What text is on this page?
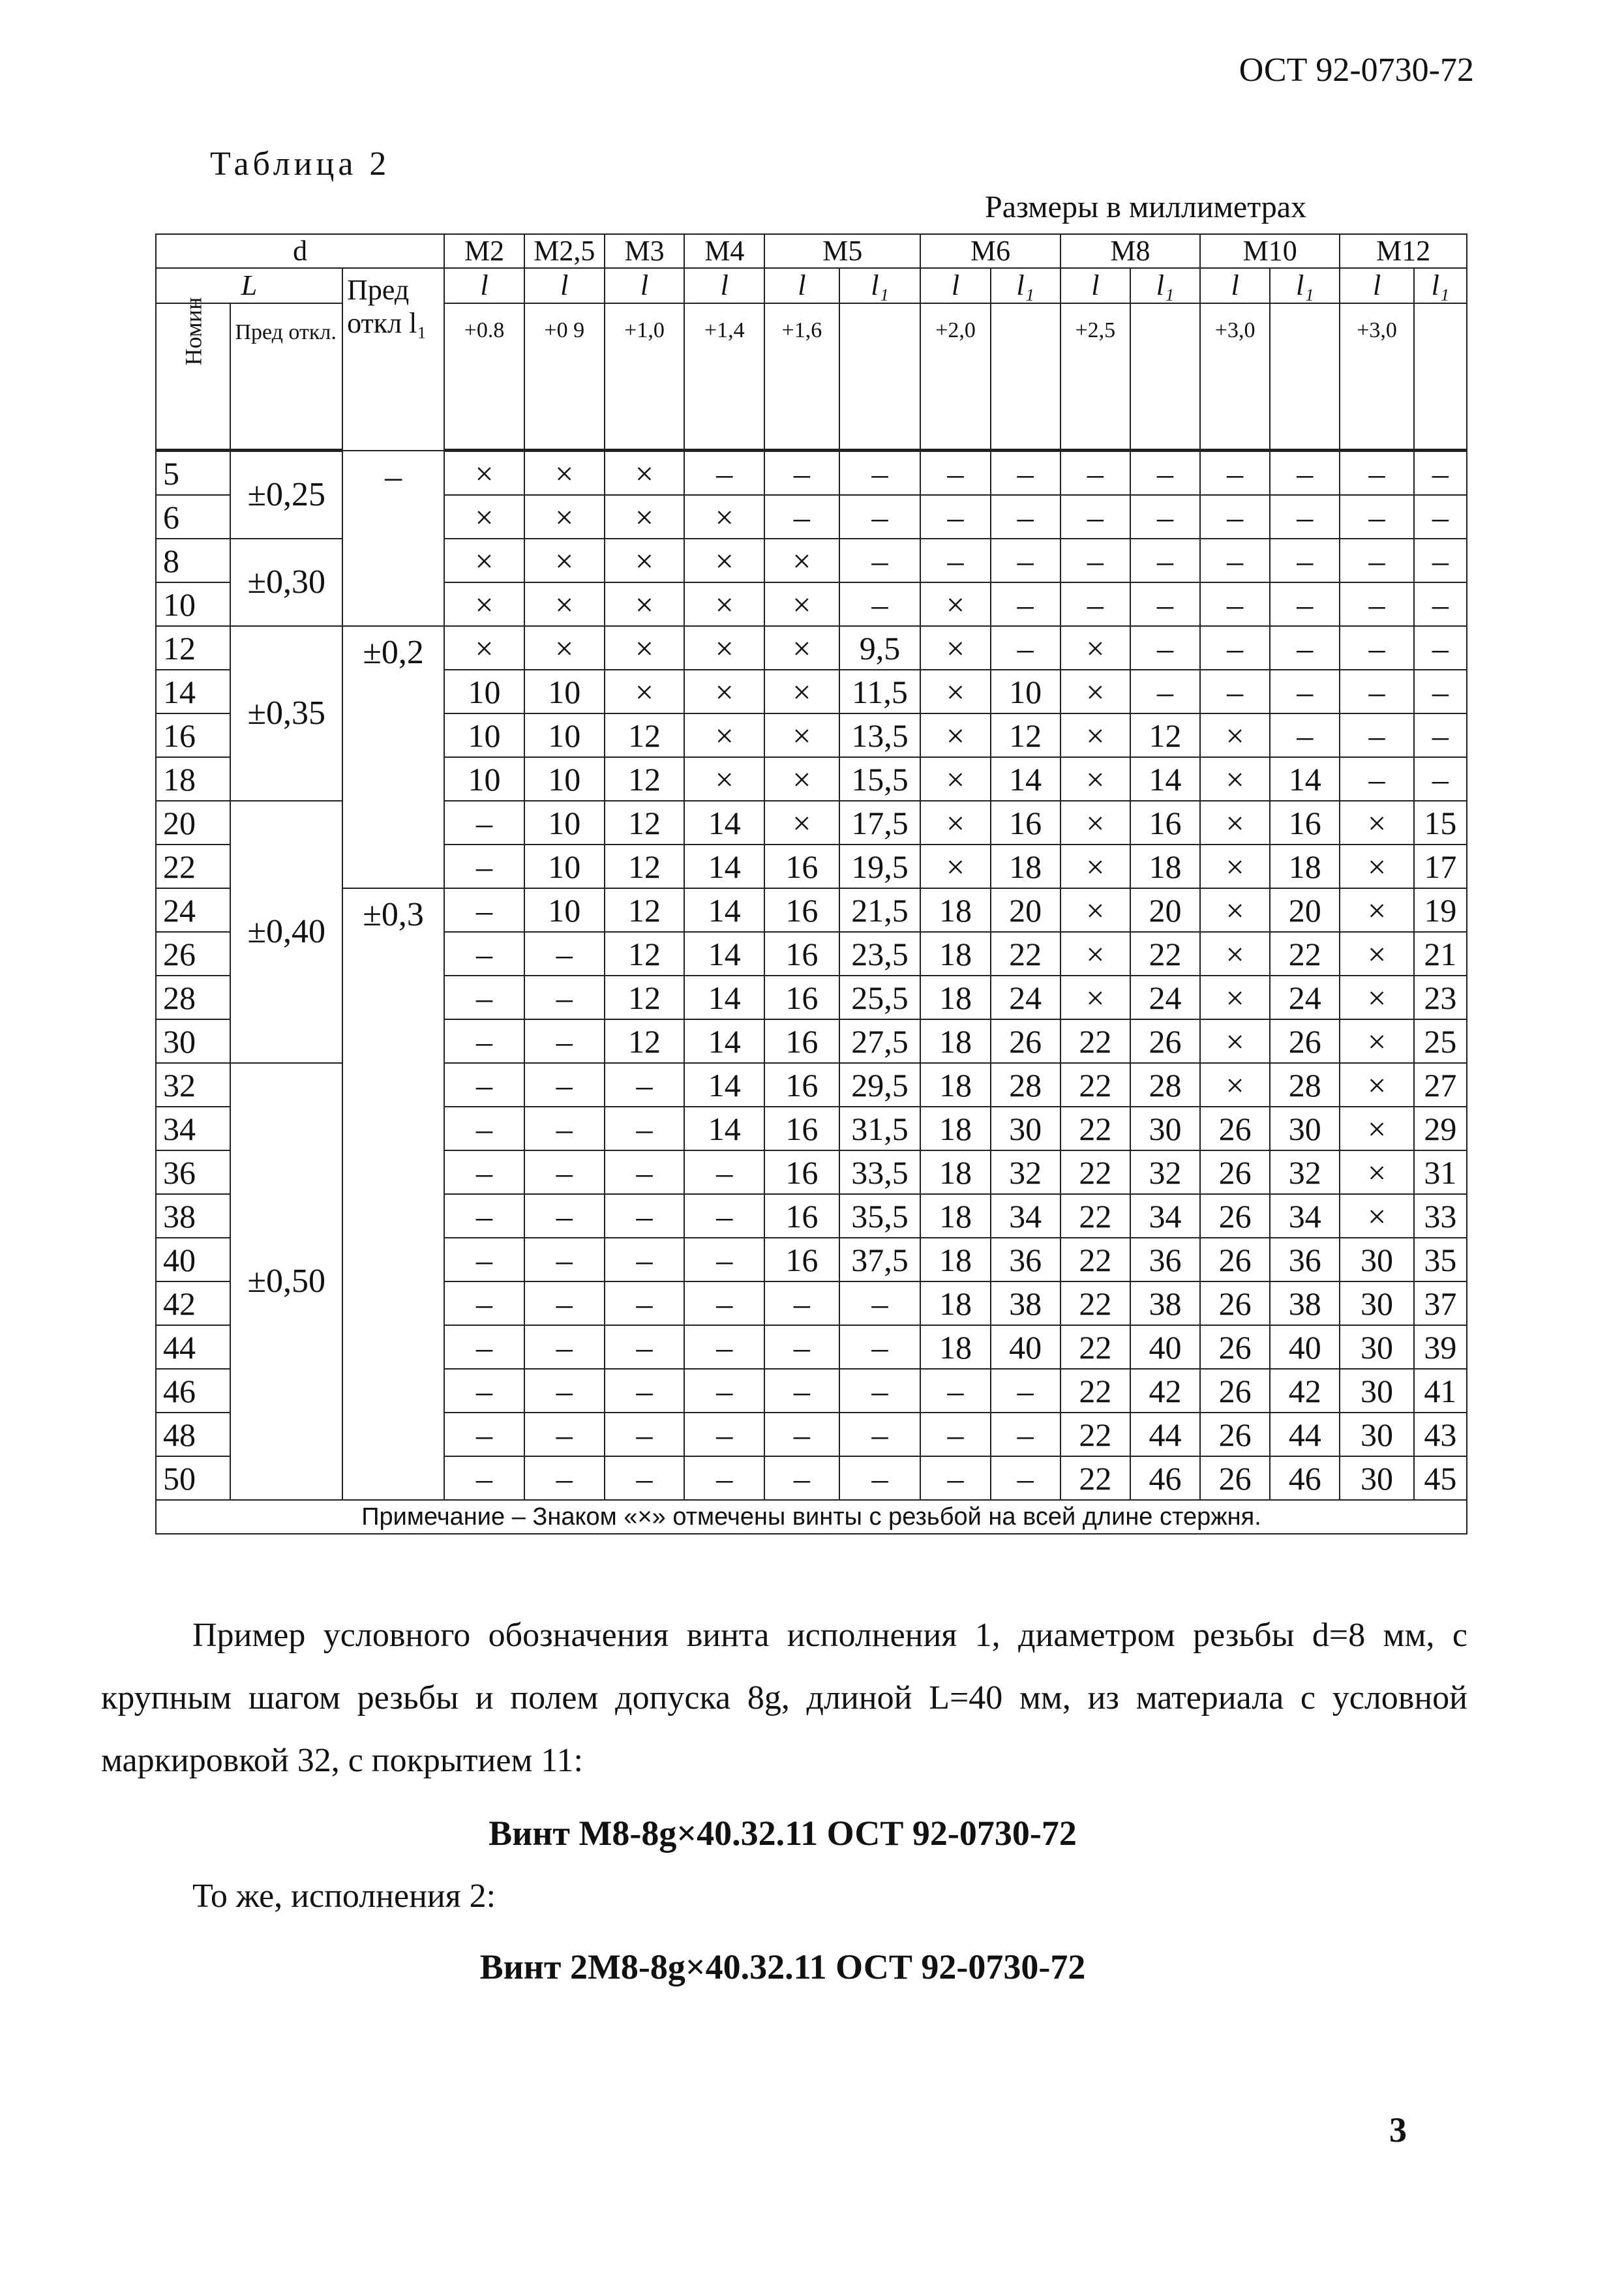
ОСТ 92-0730-72
Таблица 2
Размеры в миллиметрах
d			M2	M2,5	M3	M4	M5		M6		M8		M10		M12	
L		Пред откл l₁	l	l	l	l	l	l₁	l	l₁	l	l₁	l	l₁	l	l₁
Номин	Пред откл.		+0.8	+0 9	+1,0	+1,4	+1,6		+2,0		+2,5		+3,0		+3,0	
5	±0,25	–	×	×	×	–	–	–	–	–	–	–	–	–	–	–
6			×	×	×	×	–	–	–	–	–	–	–	–	–	–
8	±0,30		×	×	×	×	×	–	–	–	–	–	–	–	–	–
10			×	×	×	×	×	–	×	–	–	–	–	–	–	–
12	±0,35	±0,2	×	×	×	×	×	9,5	×	–	×	–	–	–	–	–
14			10	10	×	×	×	11,5	×	10	×	–	–	–	–	–
16			10	10	12	×	×	13,5	×	12	×	12	×	–	–	–
18			10	10	12	×	×	15,5	×	14	×	14	×	14	–	–
20	±0,40		–	10	12	14	×	17,5	×	16	×	16	×	16	×	15
22			–	10	12	14	16	19,5	×	18	×	18	×	18	×	17
24		±0,3	–	10	12	14	16	21,5	18	20	×	20	×	20	×	19
26			–	–	12	14	16	23,5	18	22	×	22	×	22	×	21
28			–	–	12	14	16	25,5	18	24	×	24	×	24	×	23
30			–	–	12	14	16	27,5	18	26	22	26	×	26	×	25
32	±0,50		–	–	–	14	16	29,5	18	28	22	28	×	28	×	27
34			–	–	–	14	16	31,5	18	30	22	30	26	30	×	29
36			–	–	–	–	16	33,5	18	32	22	32	26	32	×	31
38			–	–	–	–	16	35,5	18	34	22	34	26	34	×	33
40			–	–	–	–	16	37,5	18	36	22	36	26	36	30	35
42			–	–	–	–	–	–	18	38	22	38	26	38	30	37
44			–	–	–	–	–	–	18	40	22	40	26	40	30	39
46			–	–	–	–	–	–	–	–	22	42	26	42	30	41
48			–	–	–	–	–	–	–	–	22	44	26	44	30	43
50			–	–	–	–	–	–	–	–	22	46	26	46	30	45
Примечание – Знаком «×» отмечены винты с резьбой на всей длине стержня.																
Пример условного обозначения винта исполнения 1, диаметром резьбы d=8 мм, с крупным шагом резьбы и полем допуска 8g, длиной L=40 мм, из материала с условной маркировкой 32, с покрытием 11:
Винт М8-8g×40.32.11 ОСТ 92-0730-72
То же, исполнения 2:
Винт 2М8-8g×40.32.11 ОСТ 92-0730-72
3
